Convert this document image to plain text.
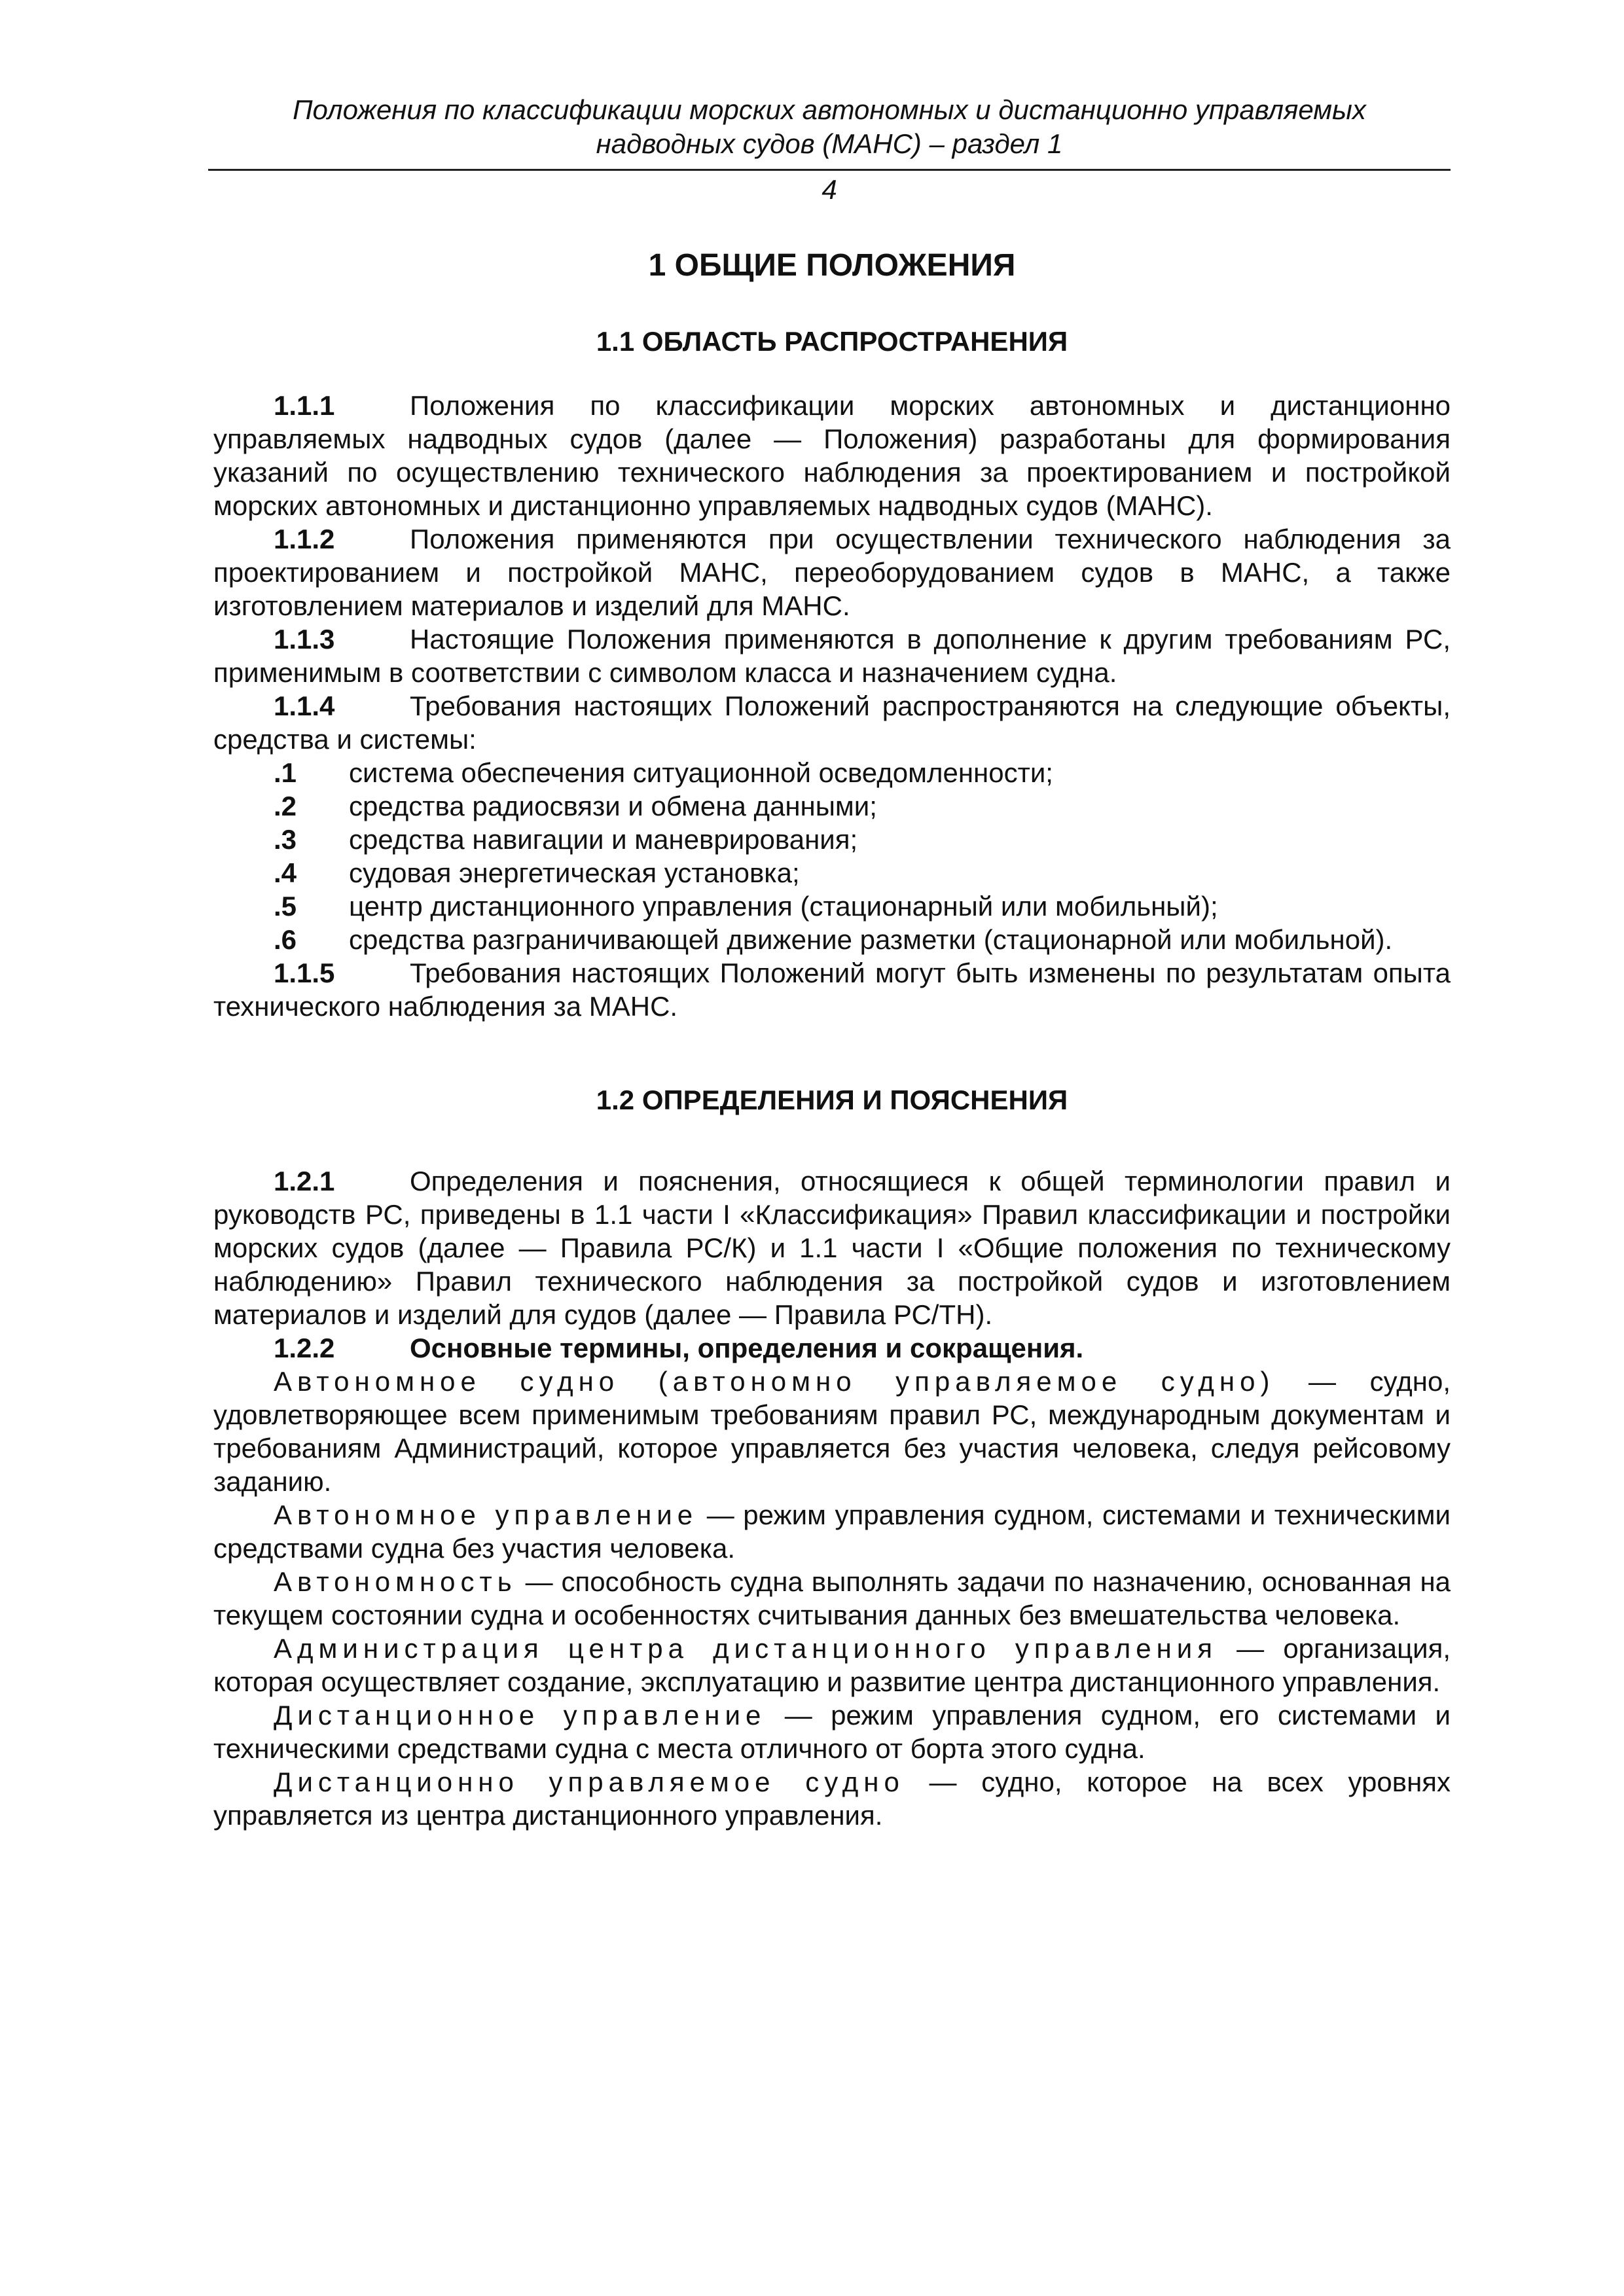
Положения по классификации морских автономных и дистанционно управляемых
надводных судов (МАНС) – раздел 1
4
1 ОБЩИЕ ПОЛОЖЕНИЯ
1.1 ОБЛАСТЬ РАСПРОСТРАНЕНИЯ

1.1.1	Положения по классификации морских автономных и дистанционно управляемых надводных судов (далее — Положения) разработаны для формирования указаний по осуществлению технического наблюдения за проектированием и постройкой морских автономных и дистанционно управляемых надводных судов (МАНС).

1.1.2	Положения применяются при осуществлении технического наблюдения за проектированием и постройкой МАНС, переоборудованием судов в МАНС, а также изготовлением материалов и изделий для МАНС.

1.1.3	Настоящие Положения применяются в дополнение к другим требованиям РС, применимым в соответствии с символом класса и назначением судна.

1.1.4	Требования настоящих Положений распространяются на следующие объекты, средства и системы:

.1 система обеспечения ситуационной осведомленности;

.2 средства радиосвязи и обмена данными;

.3 средства навигации и маневрирования;

.4 судовая энергетическая установка;

.5 центр дистанционного управления (стационарный или мобильный);

.6 средства разграничивающей движение разметки (стационарной или мобильной).

1.1.5	Требования настоящих Положений могут быть изменены по результатам опыта технического наблюдения за МАНС.

1.2 ОПРЕДЕЛЕНИЯ И ПОЯСНЕНИЯ

1.2.1	Определения и пояснения, относящиеся к общей терминологии правил и руководств РС, приведены в 1.1 части I «Классификация» Правил классификации и постройки морских судов (далее — Правила РС/К) и 1.1 части I «Общие положения по техническому наблюдению» Правил технического наблюдения за постройкой судов и изготовлением материалов и изделий для судов (далее — Правила РС/ТН).

1.2.2	Основные термины, определения и сокращения.

Автономное судно (автономно управляемое судно) — судно, удовлетворяющее всем применимым требованиям правил РС, международным документам и требованиям Администраций, которое управляется без участия человека, следуя рейсовому заданию.

Автономное управление — режим управления судном, системами и техническими средствами судна без участия человека.

Автономность — способность судна выполнять задачи по назначению, основанная на текущем состоянии судна и особенностях считывания данных без вмешательства человека.

Администрация центра дистанционного управления — организация, которая осуществляет создание, эксплуатацию и развитие центра дистанционного управления.

Дистанционное управление — режим управления судном, его системами и техническими средствами судна с места отличного от борта этого судна.

Дистанционно управляемое судно — судно, которое на всех уровнях управляется из центра дистанционного управления.
